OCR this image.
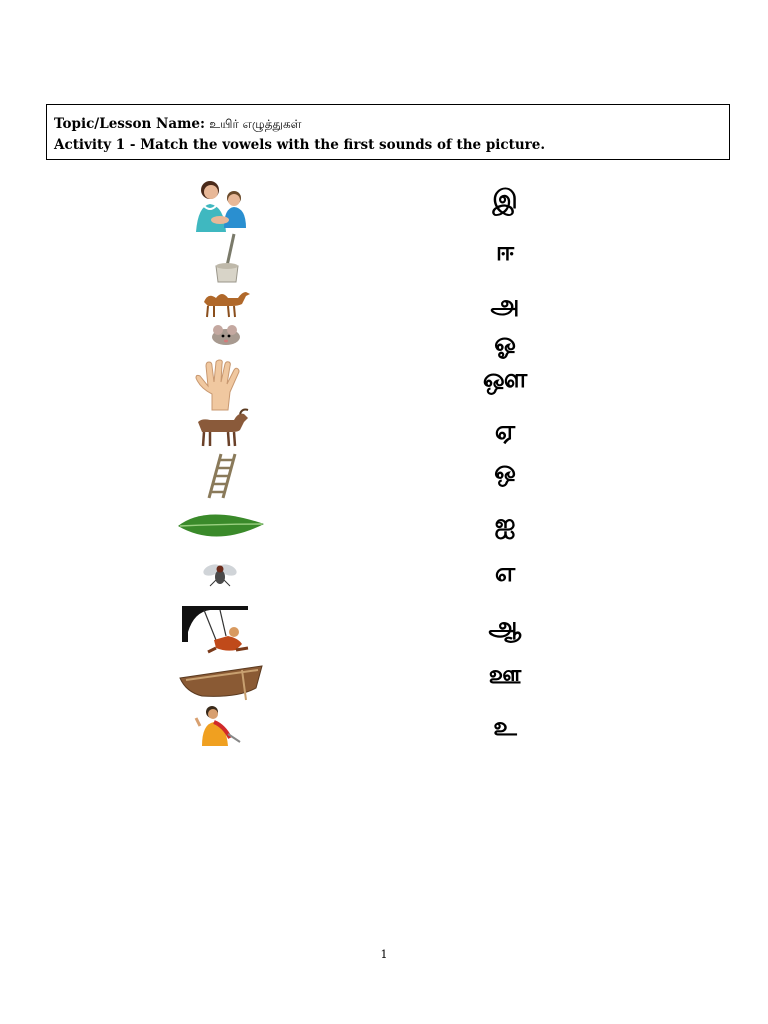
Topic/Lesson Name: உயிர் எழுத்துகள்
Activity 1 - Match the vowels with the first sounds of the picture.
இ
ஈ
அ
ஓ
ஔ
ஏ
ஒ
ஐ
எ
ஆ
ஊ
உ
1
